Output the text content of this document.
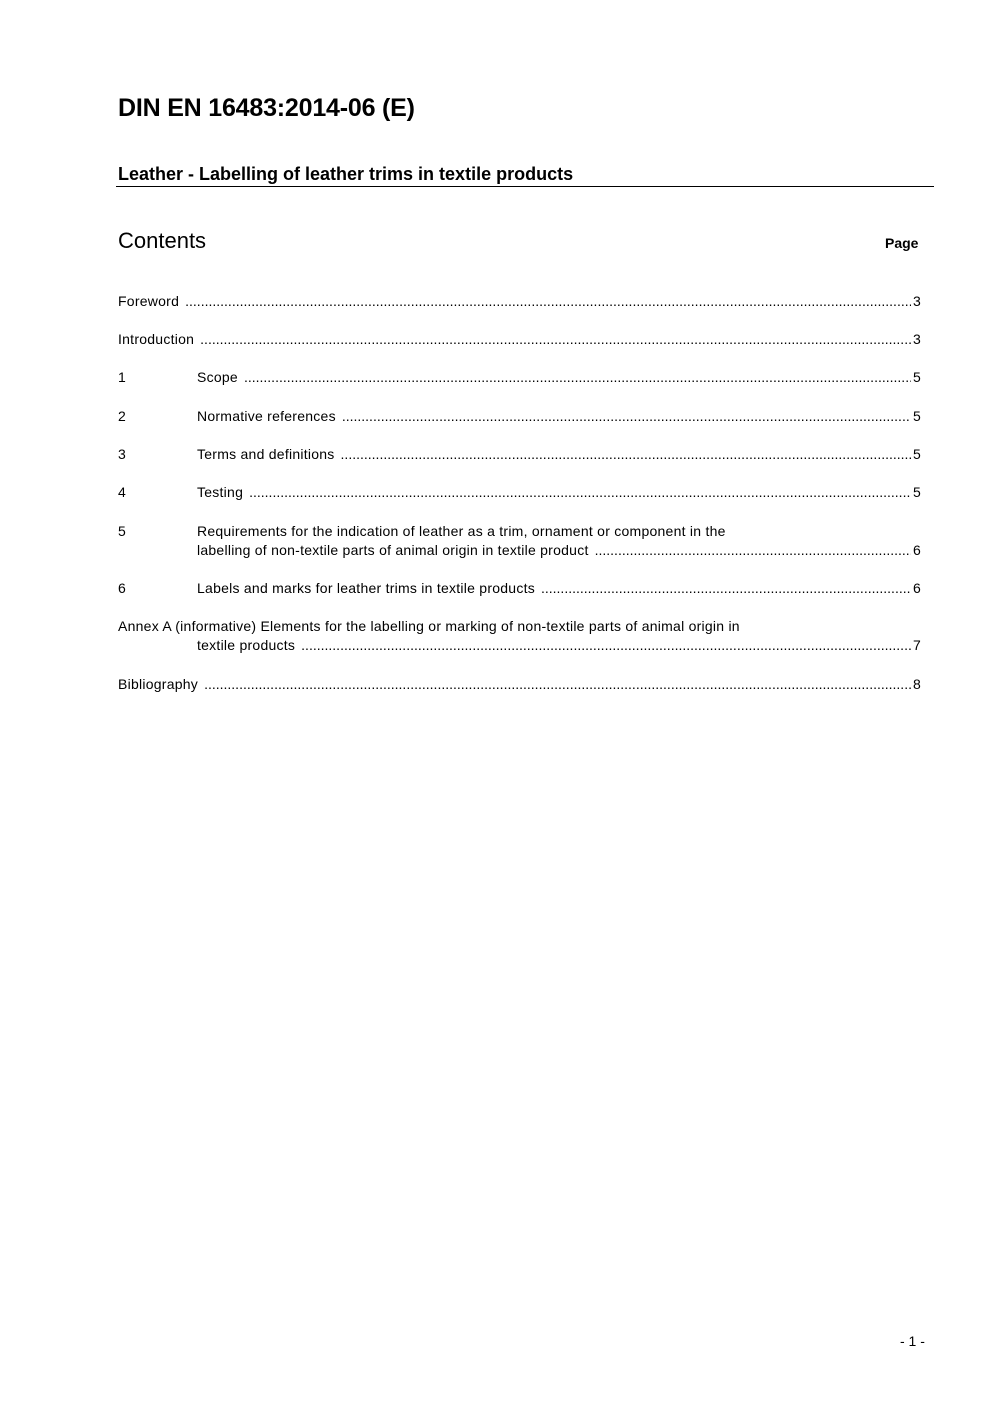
DIN EN 16483:2014-06 (E)
Leather - Labelling of leather trims in textile products
Contents	Page
Foreword .....	3
Introduction .....	3
1	Scope .....	5
2	Normative references .....	5
3	Terms and definitions .....	5
4	Testing .....	5
5	Requirements for the indication of leather as a trim, ornament or component in the
labelling of non-textile parts of animal origin in textile product .....	6
6	Labels and marks for leather trims in textile products .....	6
Annex A (informative) Elements for the labelling or marking of non-textile parts of animal origin in
textile products .....	7
Bibliography .....	8
- 1 -
